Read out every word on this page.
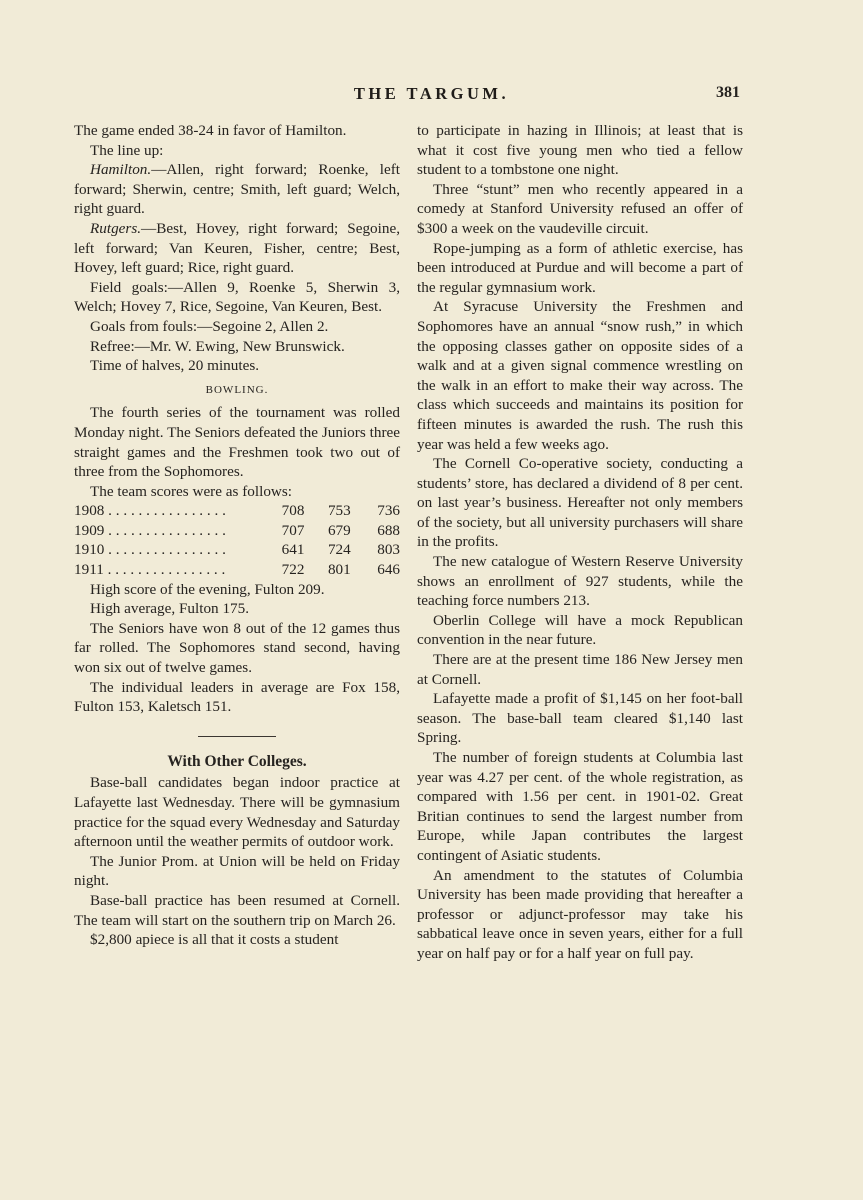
THE TARGUM.	381

The game ended 38-24 in favor of Hamilton.

The line up:

Hamilton.—Allen, right forward; Roenke, left forward; Sherwin, centre; Smith, left guard; Welch, right guard.

Rutgers.—Best, Hovey, right forward; Segoine, left forward; Van Keuren, Fisher, centre; Best, Hovey, left guard; Rice, right guard.

Field goals:—Allen 9, Roenke 5, Sherwin 3, Welch; Hovey 7, Rice, Segoine, Van Keuren, Best.

Goals from fouls:—Segoine 2, Allen 2.

Refree:—Mr. W. Ewing, New Brunswick.

Time of halves, 20 minutes.

BOWLING.

The fourth series of the tournament was rolled Monday night. The Seniors defeated the Juniors three straight games and the Freshmen took two out of three from the Sophomores.

The team scores were as follows:

1908 . . . . . . . . . . . . . . . .	708	753	736
1909 . . . . . . . . . . . . . . . .	707	679	688
1910 . . . . . . . . . . . . . . . .	641	724	803
1911 . . . . . . . . . . . . . . . .	722	801	646

High score of the evening, Fulton 209.

High average, Fulton 175.

The Seniors have won 8 out of the 12 games thus far rolled. The Sophomores stand second, having won six out of twelve games.

The individual leaders in average are Fox 158, Fulton 153, Kaletsch 151.

With Other Colleges.

Base-ball candidates began indoor practice at Lafayette last Wednesday. There will be gymnasium practice for the squad every Wednesday and Saturday afternoon until the weather permits of outdoor work.

The Junior Prom. at Union will be held on Friday night.

Base-ball practice has been resumed at Cornell. The team will start on the southern trip on March 26.

$2,800 apiece is all that it costs a student

to participate in hazing in Illinois; at least that is what it cost five young men who tied a fellow student to a tombstone one night.

Three “stunt” men who recently appeared in a comedy at Stanford University refused an offer of $300 a week on the vaudeville circuit.

Rope-jumping as a form of athletic exercise, has been introduced at Purdue and will become a part of the regular gymnasium work.

At Syracuse University the Freshmen and Sophomores have an annual “snow rush,” in which the opposing classes gather on opposite sides of a walk and at a given signal commence wrestling on the walk in an effort to make their way across. The class which succeeds and maintains its position for fifteen minutes is awarded the rush. The rush this year was held a few weeks ago.

The Cornell Co-operative society, conducting a students’ store, has declared a dividend of 8 per cent. on last year’s business. Hereafter not only members of the society, but all university purchasers will share in the profits.

The new catalogue of Western Reserve University shows an enrollment of 927 students, while the teaching force numbers 213.

Oberlin College will have a mock Republican convention in the near future.

There are at the present time 186 New Jersey men at Cornell.

Lafayette made a profit of $1,145 on her foot-ball season. The base-ball team cleared $1,140 last Spring.

The number of foreign students at Columbia last year was 4.27 per cent. of the whole registration, as compared with 1.56 per cent. in 1901-02. Great Britian continues to send the largest number from Europe, while Japan contributes the largest contingent of Asiatic students.

An amendment to the statutes of Columbia University has been made providing that hereafter a professor or adjunct-professor may take his sabbatical leave once in seven years, either for a full year on half pay or for a half year on full pay.
